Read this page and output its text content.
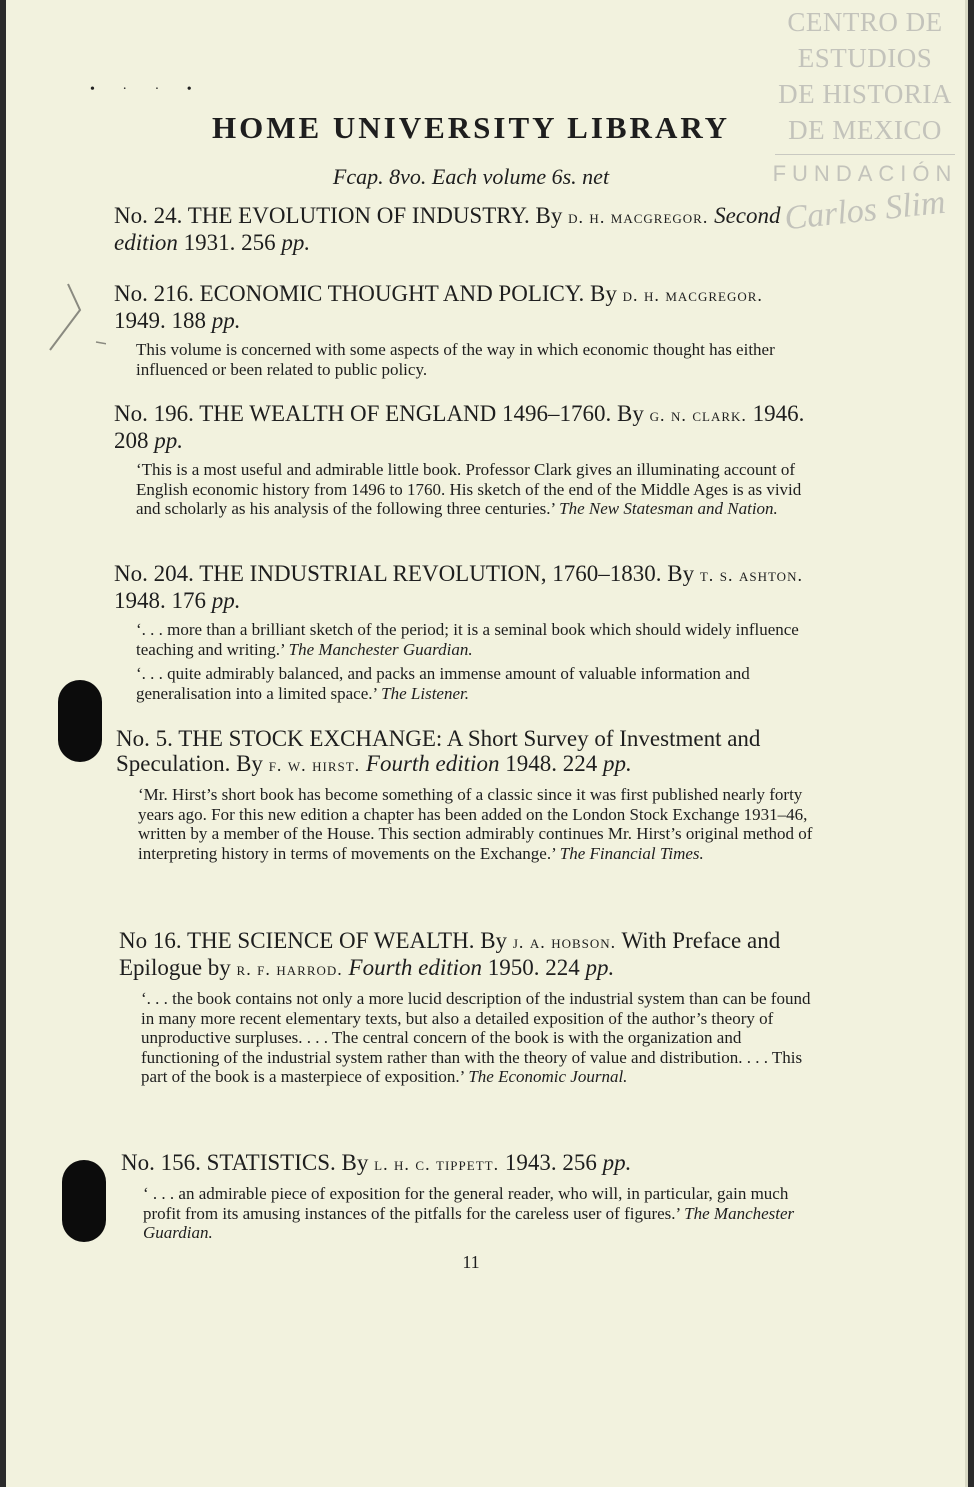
CENTRO DE
ESTUDIOS
DE HISTORIA
DE MEXICO
FUNDACIÓN
Carlos Slim
• · · •
HOME UNIVERSITY LIBRARY
Fcap. 8vo. Each volume 6s. net

No. 24. THE EVOLUTION OF INDUSTRY. By d. h. macgregor. Second edition 1931. 256 pp.

No. 216. ECONOMIC THOUGHT AND POLICY. By d. h. macgregor. 1949. 188 pp.

This volume is concerned with some aspects of the way in which economic thought has either influenced or been related to public policy.

No. 196. THE WEALTH OF ENGLAND 1496–1760. By g. n. clark. 1946. 208 pp.

‘This is a most useful and admirable little book. Professor Clark gives an illuminating account of English economic history from 1496 to 1760. His sketch of the end of the Middle Ages is as vivid and scholarly as his analysis of the following three centuries.’ The New Statesman and Nation.

No. 204. THE INDUSTRIAL REVOLUTION, 1760–1830. By t. s. ashton. 1948. 176 pp.

‘. . . more than a brilliant sketch of the period; it is a seminal book which should widely influence teaching and writing.’ The Manchester Guardian.

‘. . . quite admirably balanced, and packs an immense amount of valuable information and generalisation into a limited space.’ The Listener.

No. 5. THE STOCK EXCHANGE: A Short Survey of Investment and Speculation. By f. w. hirst. Fourth edition 1948. 224 pp.

‘Mr. Hirst’s short book has become something of a classic since it was first published nearly forty years ago. For this new edition a chapter has been added on the London Stock Exchange 1931–46, written by a member of the House. This section admirably continues Mr. Hirst’s original method of interpreting history in terms of movements on the Exchange.’ The Financial Times.

No 16. THE SCIENCE OF WEALTH. By j. a. hobson. With Preface and Epilogue by r. f. harrod. Fourth edition 1950. 224 pp.

‘. . . the book contains not only a more lucid description of the industrial system than can be found in many more recent elementary texts, but also a detailed exposition of the author’s theory of unproductive surpluses. . . . The central concern of the book is with the organization and functioning of the industrial system rather than with the theory of value and distribution. . . . This part of the book is a masterpiece of exposition.’ The Economic Journal.

No. 156. STATISTICS. By l. h. c. tippett. 1943. 256 pp.

‘ . . . an admirable piece of exposition for the general reader, who will, in particular, gain much profit from its amusing instances of the pitfalls for the careless user of figures.’ The Manchester Guardian.

11
